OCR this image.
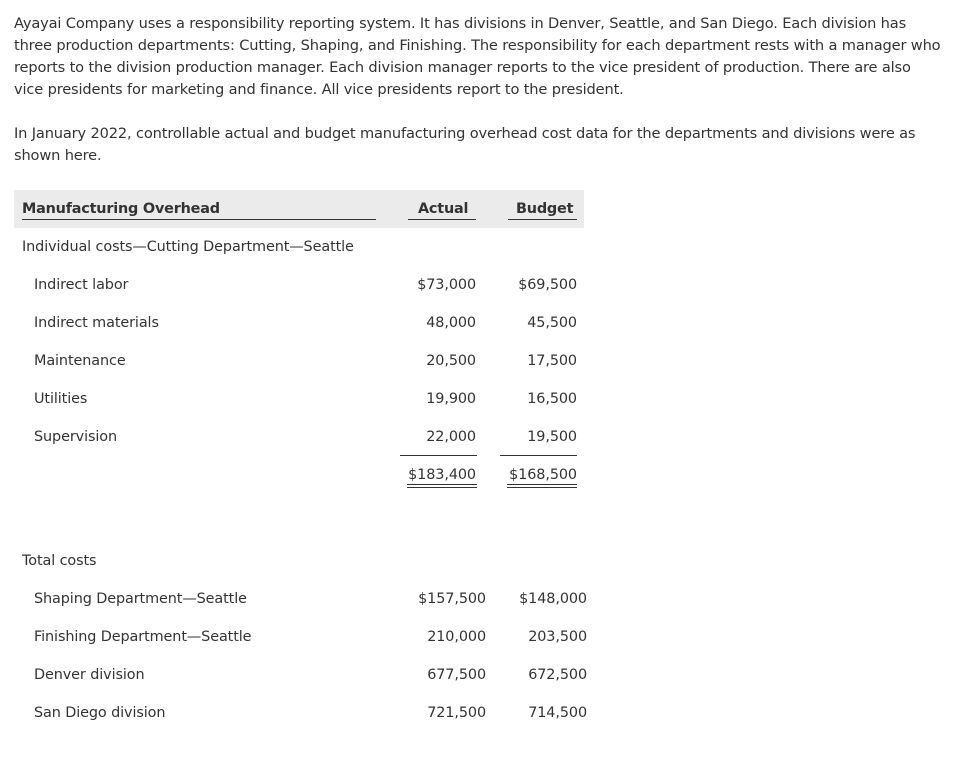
Ayayai Company uses a responsibility reporting system. It has divisions in Denver, Seattle, and San Diego. Each division has three production departments: Cutting, Shaping, and Finishing. The responsibility for each department rests with a manager who reports to the division production manager. Each division manager reports to the vice president of production. There are also vice presidents for marketing and finance. All vice presidents report to the president.

In January 2022, controllable actual and budget manufacturing overhead cost data for the departments and divisions were as shown here.

Manufacturing Overhead	Actual	Budget
Individual costs—Cutting Department—Seattle
Indirect labor	$73,000	$69,500
Indirect materials	48,000	45,500
Maintenance	20,500	17,500
Utilities	19,900	16,500
Supervision	22,000	19,500
$183,400 $168,500
Total costs
Shaping Department—Seattle	$157,500 $148,000
Finishing Department—Seattle	210,000	203,500
Denver division	677,500	672,500
San Diego division	721,500	714,500
